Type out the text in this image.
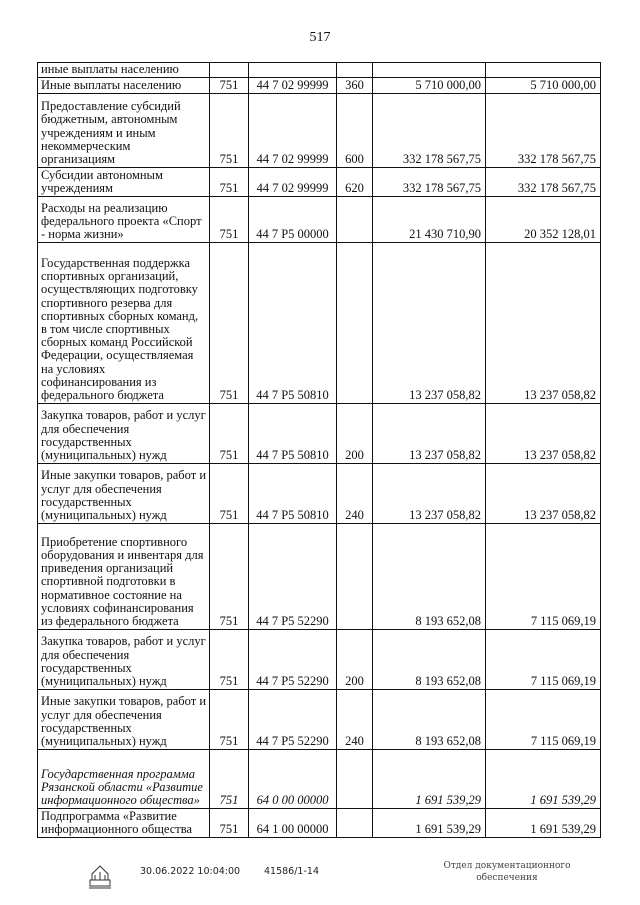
517
иные выплаты населению					
Иные выплаты населению	751	44 7 02 99999	360	5 710 000,00	5 710 000,00
Предоставление субсидий бюджетным, автономным учреждениям и иным некоммерческим организациям	751	44 7 02 99999	600	332 178 567,75	332 178 567,75
Субсидии автономным учреждениям	751	44 7 02 99999	620	332 178 567,75	332 178 567,75
Расходы на реализацию федерального проекта «Спорт - норма жизни»	751	44 7 Р5 00000		21 430 710,90	20 352 128,01
Государственная поддержка спортивных организаций, осуществляющих подготовку спортивного резерва для спортивных сборных команд, в том числе спортивных сборных команд Российской Федерации, осуществляемая на условиях софинансирования из федерального бюджета	751	44 7 Р5 50810		13 237 058,82	13 237 058,82
Закупка товаров, работ и услуг для обеспечения государственных (муниципальных) нужд	751	44 7 Р5 50810	200	13 237 058,82	13 237 058,82
Иные закупки товаров, работ и услуг для обеспечения государственных (муниципальных) нужд	751	44 7 Р5 50810	240	13 237 058,82	13 237 058,82
Приобретение спортивного оборудования и инвентаря для приведения организаций спортивной подготовки в нормативное состояние на условиях софинансирования из федерального бюджета	751	44 7 Р5 52290		8 193 652,08	7 115 069,19
Закупка товаров, работ и услуг для обеспечения государственных (муниципальных) нужд	751	44 7 Р5 52290	200	8 193 652,08	7 115 069,19
Иные закупки товаров, работ и услуг для обеспечения государственных (муниципальных) нужд	751	44 7 Р5 52290	240	8 193 652,08	7 115 069,19
Государственная программа Рязанской области «Развитие информационного общества»	751	64 0 00 00000		1 691 539,29	1 691 539,29
Подпрограмма «Развитие информационного общества	751	64 1 00 00000		1 691 539,29	1 691 539,29
30.06.2022 10:04:00	41586/1-14	Отдел документационного
обеспечения
